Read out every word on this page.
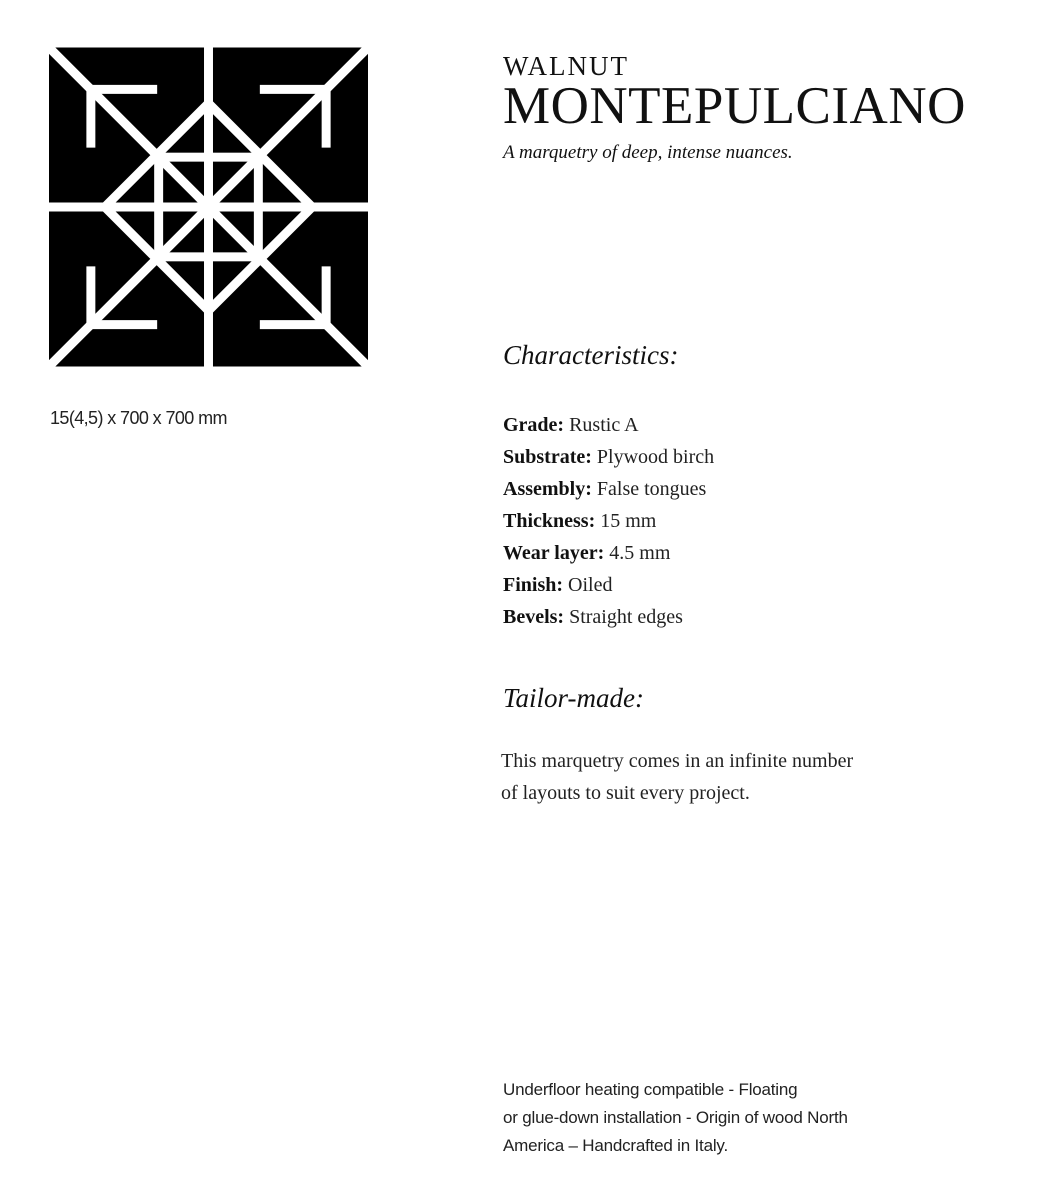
15(4,5) x 700 x 700 mm
WALNUT
MONTEPULCIANO
A marquetry of deep, intense nuances.
Characteristics:
Grade: Rustic A
Substrate: Plywood birch
Assembly: False tongues
Thickness: 15 mm
Wear layer: 4.5 mm
Finish: Oiled
Bevels: Straight edges
Tailor-made:
This marquetry comes in an infinite number
of layouts to suit every project.
Underfloor heating compatible - Floating
or glue-down installation - Origin of wood North
America – Handcrafted in Italy.
